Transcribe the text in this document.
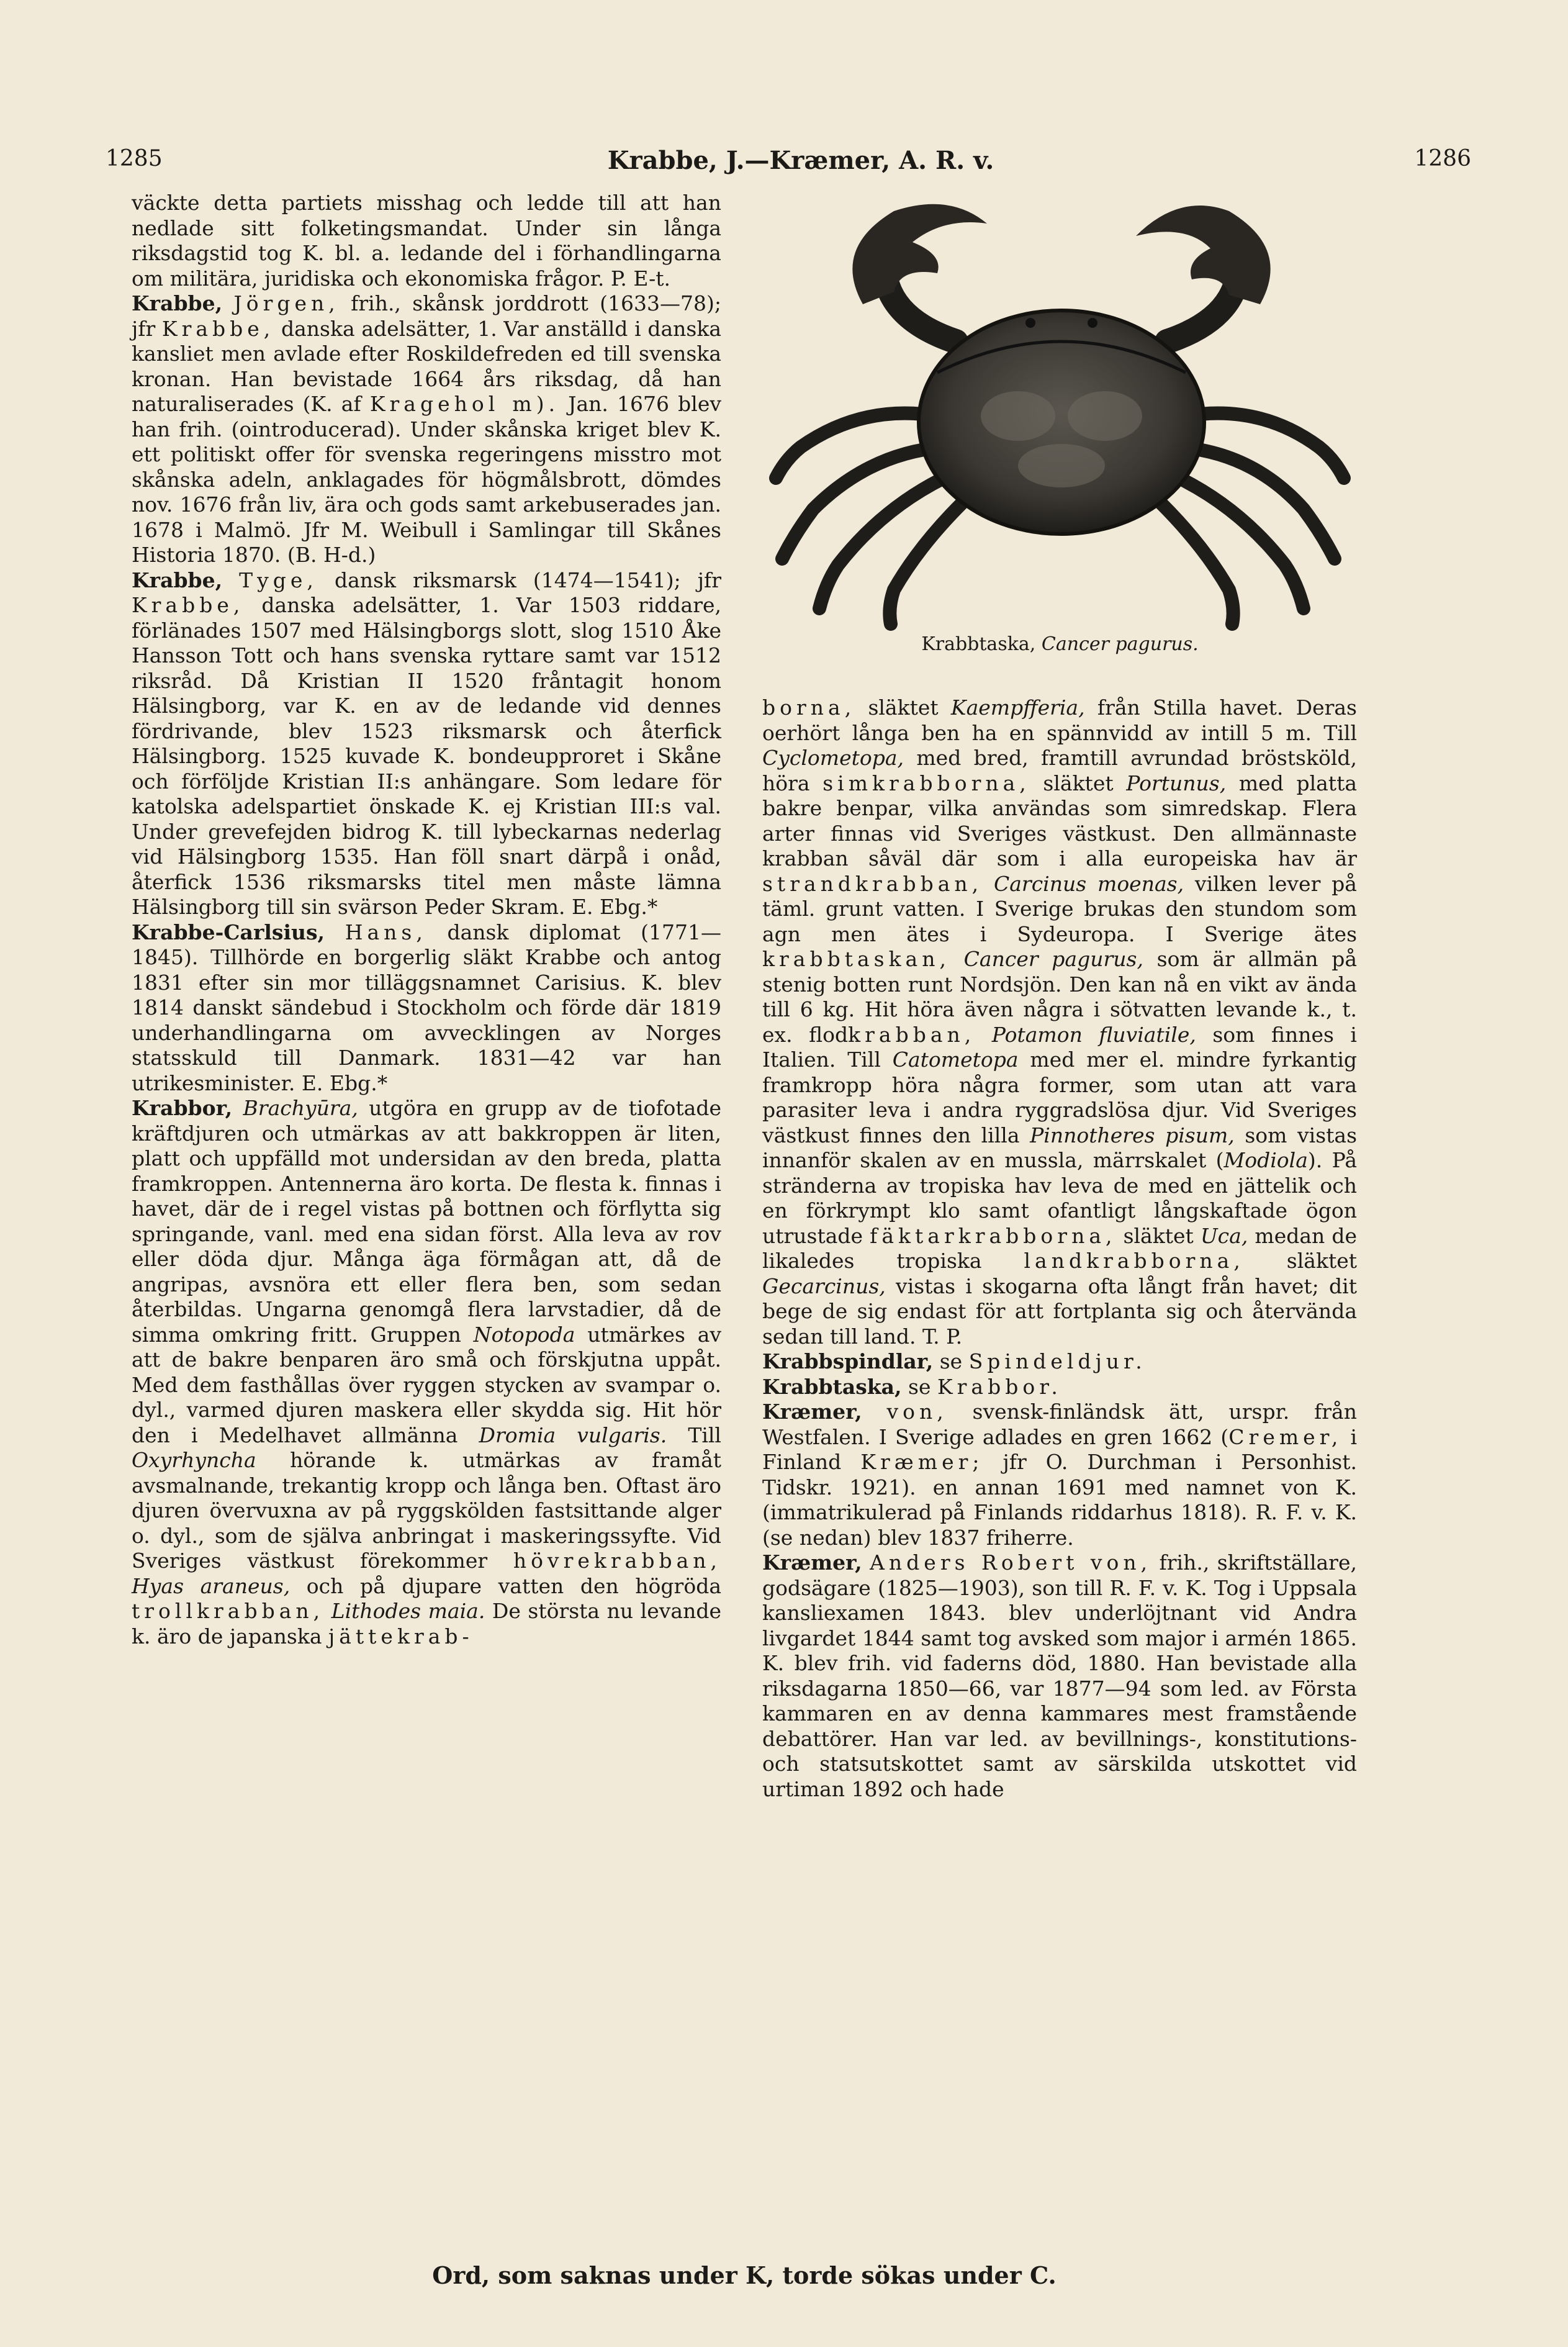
1285	Krabbe, J.—Kræmer, A. R. v.	1286

väckte detta partiets misshag och ledde till att han nedlade sitt folketingsmandat. Under sin långa riksdagstid tog K. bl. a. ledande del i förhandlingarna om militära, juridiska och ekonomiska frågor. P. E-t.

Krabbe, Jörgen, frih., skånsk jorddrott (1633—78); jfr Krabbe, danska adelsätter, 1. Var anställd i danska kansliet men avlade efter Roskildefreden ed till svenska kronan. Han bevistade 1664 års riksdag, då han naturaliserades (K. af Kragehol m). Jan. 1676 blev han frih. (ointroducerad). Under skånska kriget blev K. ett politiskt offer för svenska regeringens misstro mot skånska adeln, anklagades för högmålsbrott, dömdes nov. 1676 från liv, ära och gods samt arkebuserades jan. 1678 i Malmö. Jfr M. Weibull i Samlingar till Skånes Historia 1870. (B. H-d.)

Krabbe, Tyge, dansk riksmarsk (1474—1541); jfr Krabbe, danska adelsätter, 1. Var 1503 riddare, förlänades 1507 med Hälsingborgs slott, slog 1510 Åke Hansson Tott och hans svenska ryttare samt var 1512 riksråd. Då Kristian II 1520 fråntagit honom Hälsingborg, var K. en av de ledande vid dennes fördrivande, blev 1523 riksmarsk och återfick Hälsingborg. 1525 kuvade K. bondeupproret i Skåne och förföljde Kristian II:s anhängare. Som ledare för katolska adelspartiet önskade K. ej Kristian III:s val. Under grevefejden bidrog K. till lybeckarnas nederlag vid Hälsingborg 1535. Han föll snart därpå i onåd, återfick 1536 riksmarsks titel men måste lämna Hälsingborg till sin svärson Peder Skram. E. Ebg.*

Krabbe-Carlsius, Hans, dansk diplomat (1771—1845). Tillhörde en borgerlig släkt Krabbe och antog 1831 efter sin mor tilläggsnamnet Carisius. K. blev 1814 danskt sändebud i Stockholm och förde där 1819 underhandlingarna om avvecklingen av Norges statsskuld till Danmark. 1831—42 var han utrikesminister. E. Ebg.*

Krabbor, Brachyūra, utgöra en grupp av de tiofotade kräftdjuren och utmärkas av att bakkroppen är liten, platt och uppfälld mot undersidan av den breda, platta framkroppen. Antennerna äro korta. De flesta k. finnas i havet, där de i regel vistas på bottnen och förflytta sig springande, vanl. med ena sidan först. Alla leva av rov eller döda djur. Många äga förmågan att, då de angripas, avsnöra ett eller flera ben, som sedan återbildas. Ungarna genomgå flera larvstadier, då de simma omkring fritt. Gruppen Notopoda utmärkes av att de bakre benparen äro små och förskjutna uppåt. Med dem fasthållas över ryggen stycken av svampar o. dyl., varmed djuren maskera eller skydda sig. Hit hör den i Medelhavet allmänna Dromia vulgaris. Till Oxyrhyncha hörande k. utmärkas av framåt avsmalnande, trekantig kropp och långa ben. Oftast äro djuren övervuxna av på ryggskölden fastsittande alger o. dyl., som de själva anbringat i maskeringssyfte. Vid Sveriges västkust förekommer hövrekrabban, Hyas araneus, och på djupare vatten den högröda trollkrabban, Lithodes maia. De största nu levande k. äro de japanska jättekrab-

Krabbtaska, Cancer pagurus.

borna, släktet Kaempfferia, från Stilla havet. Deras oerhört långa ben ha en spännvidd av intill 5 m. Till Cyclometopa, med bred, framtill avrundad bröstsköld, höra simkrabborna, släktet Portunus, med platta bakre benpar, vilka användas som simredskap. Flera arter finnas vid Sveriges västkust. Den allmännaste krabban såväl där som i alla europeiska hav är strandkrabban, Carcinus moenas, vilken lever på täml. grunt vatten. I Sverige brukas den stundom som agn men ätes i Sydeuropa. I Sverige ätes krabbtaskan, Cancer pagurus, som är allmän på stenig botten runt Nordsjön. Den kan nå en vikt av ända till 6 kg. Hit höra även några i sötvatten levande k., t. ex. flodkrabban, Potamon fluviatile, som finnes i Italien. Till Catometopa med mer el. mindre fyrkantig framkropp höra några former, som utan att vara parasiter leva i andra ryggradslösa djur. Vid Sveriges västkust finnes den lilla Pinnotheres pisum, som vistas innanför skalen av en mussla, märrskalet (Modiola). På stränderna av tropiska hav leva de med en jättelik och en förkrympt klo samt ofantligt långskaftade ögon utrustade fäktarkrabborna, släktet Uca, medan de likaledes tropiska landkrabborna, släktet Gecarcinus, vistas i skogarna ofta långt från havet; dit bege de sig endast för att fortplanta sig och återvända sedan till land. T. P.

Krabbspindlar, se Spindeldjur.

Krabbtaska, se Krabbor.

Kræmer, von, svensk-finländsk ätt, urspr. från Westfalen. I Sverige adlades en gren 1662 (Cremer, i Finland Kræmer; jfr O. Durchman i Personhist. Tidskr. 1921). en annan 1691 med namnet von K. (immatrikulerad på Finlands riddarhus 1818). R. F. v. K. (se nedan) blev 1837 friherre.

Kræmer, Anders Robert von, frih., skriftställare, godsägare (1825—1903), son till R. F. v. K. Tog i Uppsala kansliexamen 1843. blev underlöjtnant vid Andra livgardet 1844 samt tog avsked som major i armén 1865. K. blev frih. vid faderns död, 1880. Han bevistade alla riksdagarna 1850—66, var 1877—94 som led. av Första kammaren en av denna kammares mest framstående debattörer. Han var led. av bevillnings-, konstitutions- och statsutskottet samt av särskilda utskottet vid urtiman 1892 och hade

Ord, som saknas under K, torde sökas under C.
